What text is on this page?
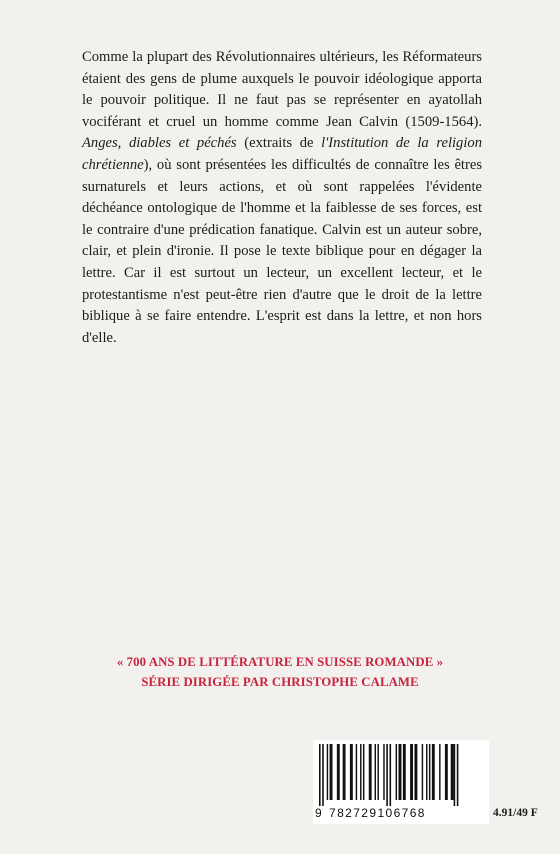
Comme la plupart des Révolutionnaires ultérieurs, les Réformateurs étaient des gens de plume auxquels le pouvoir idéologique apporta le pouvoir politique. Il ne faut pas se représenter en ayatollah vociférant et cruel un homme comme Jean Calvin (1509-1564). Anges, diables et péchés (extraits de l'Institution de la religion chrétienne), où sont présentées les difficultés de connaître les êtres surnaturels et leurs actions, et où sont rappelées l'évidente déchéance ontologique de l'homme et la faiblesse de ses forces, est le contraire d'une prédication fanatique. Calvin est un auteur sobre, clair, et plein d'ironie. Il pose le texte biblique pour en dégager la lettre. Car il est surtout un lecteur, un excellent lecteur, et le protestantisme n'est peut-être rien d'autre que le droit de la lettre biblique à se faire entendre. L'esprit est dans la lettre, et non hors d'elle.

« 700 ANS DE LITTÉRATURE EN SUISSE ROMANDE »
SÉRIE DIRIGÉE PAR CHRISTOPHE CALAME
9 782729106768	4.91/49 F
